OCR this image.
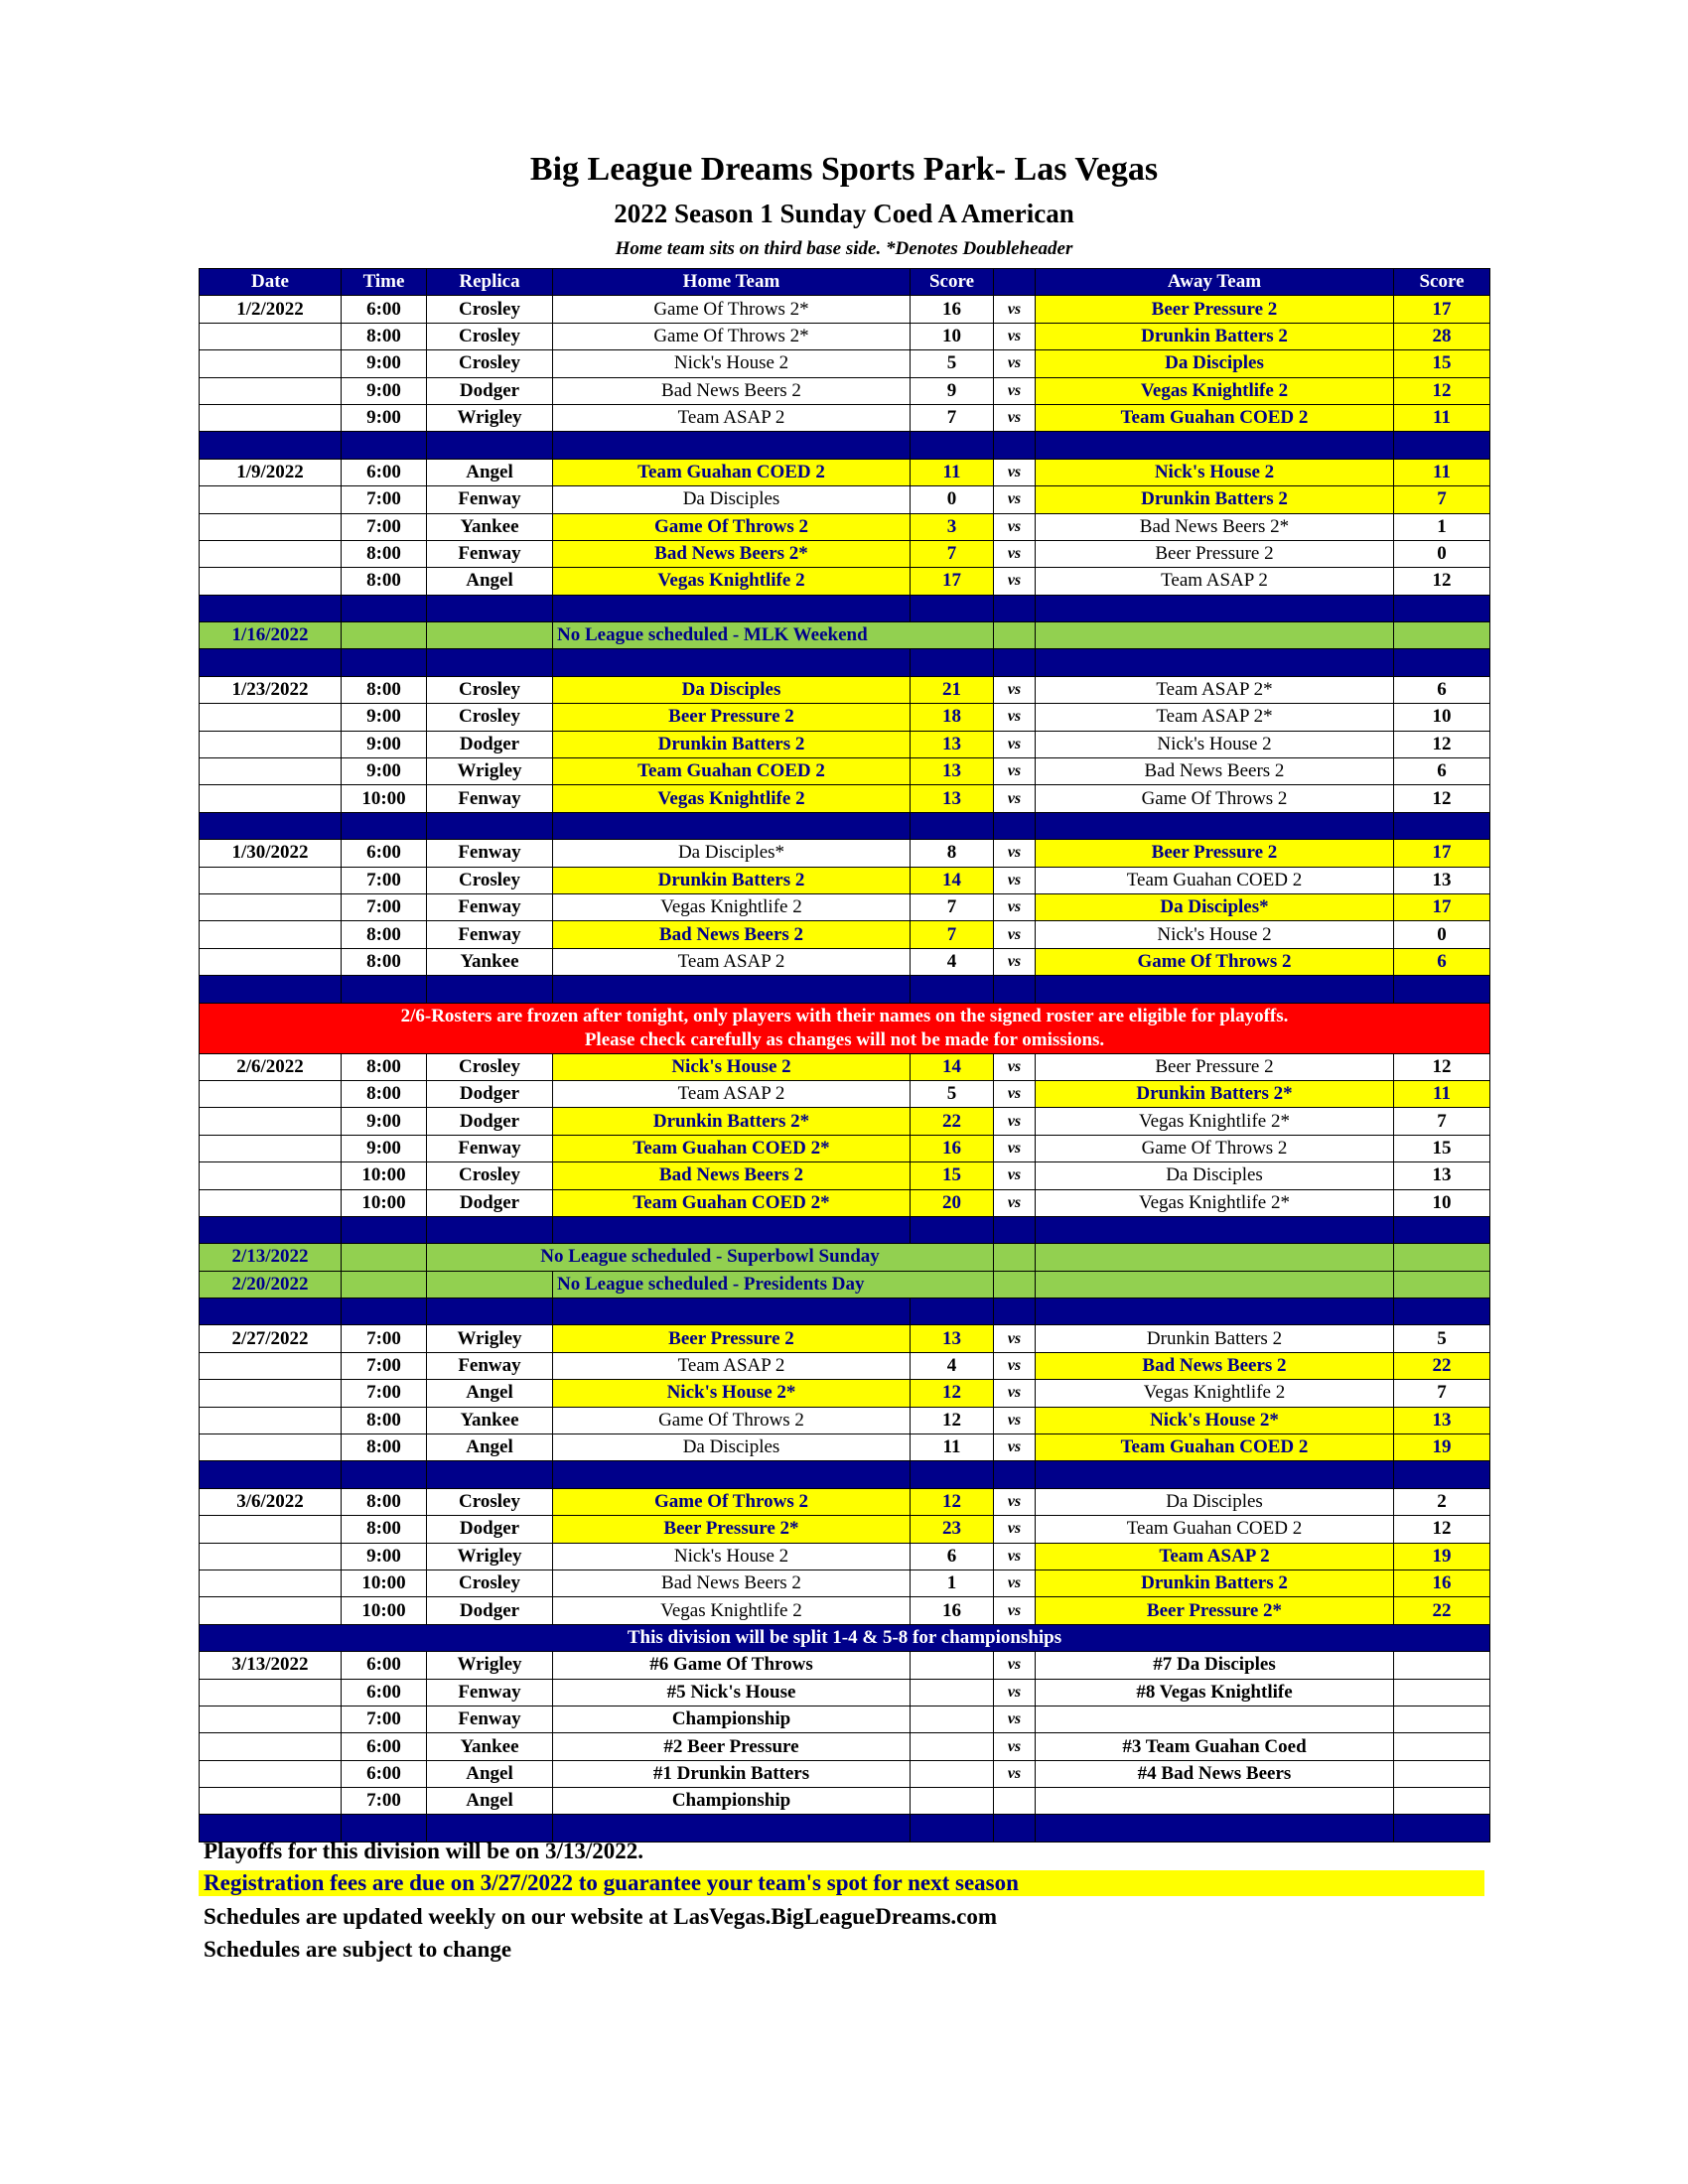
Big League Dreams Sports Park- Las Vegas
2022 Season 1 Sunday Coed A American
Home team sits on third base side. *Denotes Doubleheader
Date	Time	Replica	Home Team	Score		Away Team	Score
1/2/2022	6:00	Crosley	Game Of Throws 2*	16	vs	Beer Pressure 2	17
	8:00	Crosley	Game Of Throws 2*	10	vs	Drunkin Batters 2	28
	9:00	Crosley	Nick's House 2	5	vs	Da Disciples	15
	9:00	Dodger	Bad News Beers 2	9	vs	Vegas Knightlife 2	12
	9:00	Wrigley	Team ASAP 2	7	vs	Team Guahan COED 2	11

1/9/2022	6:00	Angel	Team Guahan COED 2	11	vs	Nick's House 2	11
	7:00	Fenway	Da Disciples	0	vs	Drunkin Batters 2	7
	7:00	Yankee	Game Of Throws 2	3	vs	Bad News Beers 2*	1
	8:00	Fenway	Bad News Beers 2*	7	vs	Beer Pressure 2	0
	8:00	Angel	Vegas Knightlife 2	17	vs	Team ASAP 2	12

1/16/2022			No League scheduled - MLK Weekend				

1/23/2022	8:00	Crosley	Da Disciples	21	vs	Team ASAP 2*	6
	9:00	Crosley	Beer Pressure 2	18	vs	Team ASAP 2*	10
	9:00	Dodger	Drunkin Batters 2	13	vs	Nick's House 2	12
	9:00	Wrigley	Team Guahan COED 2	13	vs	Bad News Beers 2	6
	10:00	Fenway	Vegas Knightlife 2	13	vs	Game Of Throws 2	12

1/30/2022	6:00	Fenway	Da Disciples*	8	vs	Beer Pressure 2	17
	7:00	Crosley	Drunkin Batters 2	14	vs	Team Guahan COED 2	13
	7:00	Fenway	Vegas Knightlife 2	7	vs	Da Disciples*	17
	8:00	Fenway	Bad News Beers 2	7	vs	Nick's House 2	0
	8:00	Yankee	Team ASAP 2	4	vs	Game Of Throws 2	6

2/6-Rosters are frozen after tonight, only players with their names on the signed roster are eligible for playoffs.
Please check carefully as changes will not be made for omissions.							

2/6/2022	8:00	Crosley	Nick's House 2	14	vs	Beer Pressure 2	12
	8:00	Dodger	Team ASAP 2	5	vs	Drunkin Batters 2*	11
	9:00	Dodger	Drunkin Batters 2*	22	vs	Vegas Knightlife 2*	7
	9:00	Fenway	Team Guahan COED 2*	16	vs	Game Of Throws 2	15
	10:00	Crosley	Bad News Beers 2	15	vs	Da Disciples	13
	10:00	Dodger	Team Guahan COED 2*	20	vs	Vegas Knightlife 2*	10

2/13/2022		No League scheduled - Superbowl Sunday					
2/20/2022			No League scheduled - Presidents Day				

2/27/2022	7:00	Wrigley	Beer Pressure 2	13	vs	Drunkin Batters 2	5
	7:00	Fenway	Team ASAP 2	4	vs	Bad News Beers 2	22
	7:00	Angel	Nick's House 2*	12	vs	Vegas Knightlife 2	7
	8:00	Yankee	Game Of Throws 2	12	vs	Nick's House 2*	13
	8:00	Angel	Da Disciples	11	vs	Team Guahan COED 2	19

3/6/2022	8:00	Crosley	Game Of Throws 2	12	vs	Da Disciples	2
	8:00	Dodger	Beer Pressure 2*	23	vs	Team Guahan COED 2	12
	9:00	Wrigley	Nick's House 2	6	vs	Team ASAP 2	19
	10:00	Crosley	Bad News Beers 2	1	vs	Drunkin Batters 2	16
	10:00	Dodger	Vegas Knightlife 2	16	vs	Beer Pressure 2*	22
This division will be split 1-4 & 5-8 for championships							
3/13/2022	6:00	Wrigley	#6 Game Of Throws		vs	#7 Da Disciples	
	6:00	Fenway	#5 Nick's House		vs	#8 Vegas Knightlife	
	7:00	Fenway	Championship		vs		
	6:00	Yankee	#2 Beer Pressure		vs	#3 Team Guahan Coed	
	6:00	Angel	#1 Drunkin Batters		vs	#4 Bad News Beers	
	7:00	Angel	Championship				

Playoffs for this division will be on 3/13/2022.
Registration fees are due on 3/27/2022 to guarantee your team's spot for next season
Schedules are updated weekly on our website at LasVegas.BigLeagueDreams.com
Schedules are subject to change
